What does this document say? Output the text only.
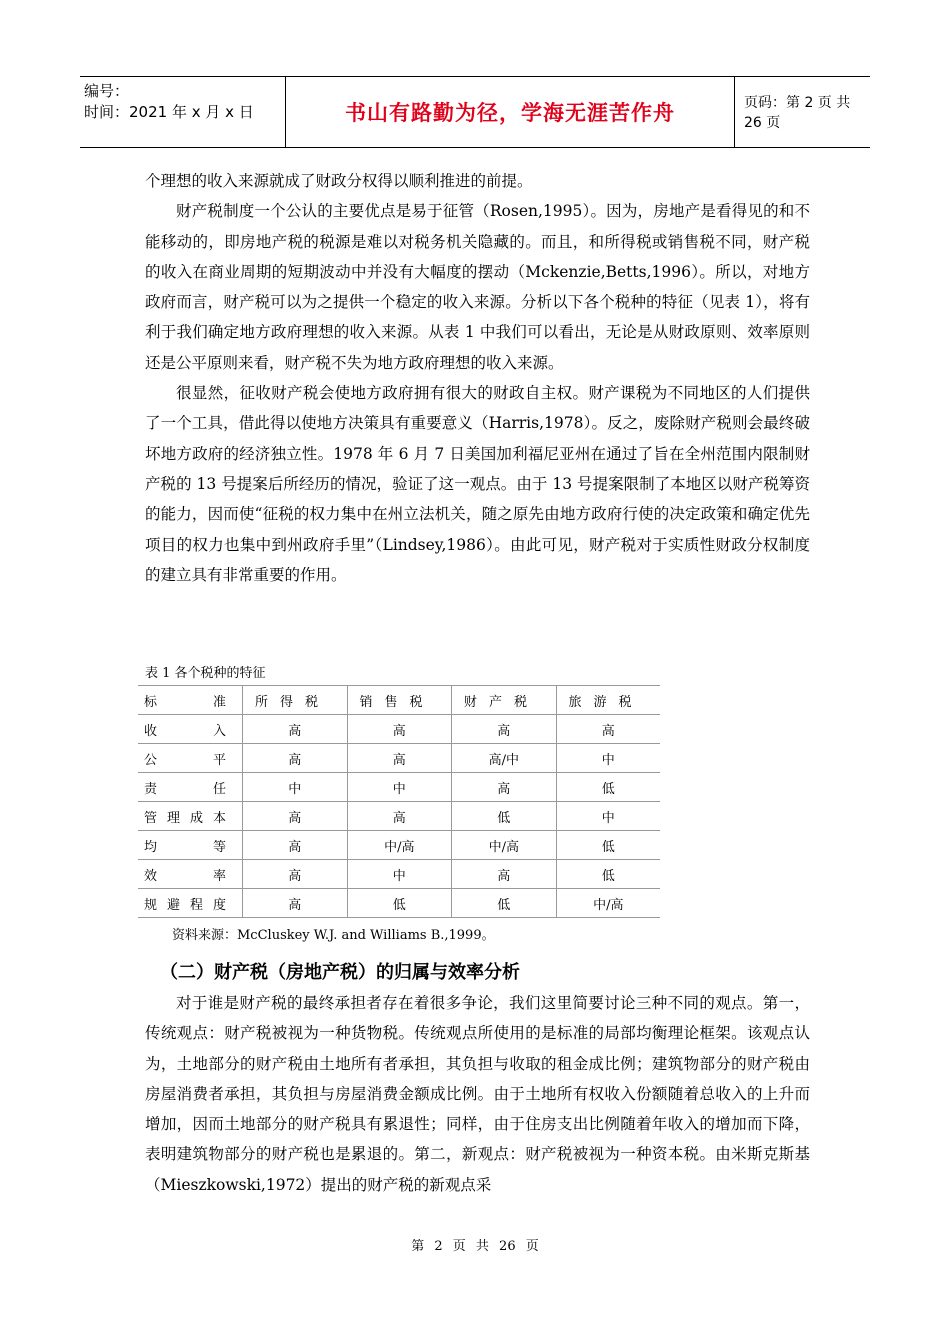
编号：
时间：2021 年 x 月 x 日	书山有路勤为径，学海无涯苦作舟	页码：第 2 页 共 26 页

个理想的收入来源就成了财政分权得以顺利推进的前提。

财产税制度一个公认的主要优点是易于征管（Rosen,1995）。因为，房地产是看得见的和不能移动的，即房地产税的税源是难以对税务机关隐藏的。而且，和所得税或销售税不同，财产税的收入在商业周期的短期波动中并没有大幅度的摆动（Mckenzie,Betts,1996）。所以，对地方政府而言，财产税可以为之提供一个稳定的收入来源。分析以下各个税种的特征（见表 1），将有利于我们确定地方政府理想的收入来源。从表 1 中我们可以看出，无论是从财政原则、效率原则还是公平原则来看，财产税不失为地方政府理想的收入来源。

很显然，征收财产税会使地方政府拥有很大的财政自主权。财产课税为不同地区的人们提供了一个工具，借此得以使地方决策具有重要意义（Harris,1978）。反之，废除财产税则会最终破坏地方政府的经济独立性。1978 年 6 月 7 日美国加利福尼亚州在通过了旨在全州范围内限制财产税的 13 号提案后所经历的情况，验证了这一观点。由于 13 号提案限制了本地区以财产税筹资的能力，因而使“征税的权力集中在州立法机关，随之原先由地方政府行使的决定政策和确定优先项目的权力也集中到州政府手里”（Lindsey,1986）。由此可见，财产税对于实质性财政分权制度的建立具有非常重要的作用。

表 1 各个税种的特征
标准	所得税	销售税	财产税	旅游税
收入	高	高	高	高
公平	高	高	高/中	中
责任	中	中	高	低
管理成本	高	高	低	中
均等	高	中/高	中/高	低
效率	高	中	高	低
规避程度	高	低	低	中/高
资料来源：McCluskey W.J. and Williams B.,1999。
（二）财产税（房地产税）的归属与效率分析

对于谁是财产税的最终承担者存在着很多争论，我们这里简要讨论三种不同的观点。第一，传统观点：财产税被视为一种货物税。传统观点所使用的是标准的局部均衡理论框架。该观点认为，土地部分的财产税由土地所有者承担，其负担与收取的租金成比例；建筑物部分的财产税由房屋消费者承担，其负担与房屋消费金额成比例。由于土地所有权收入份额随着总收入的上升而增加，因而土地部分的财产税具有累退性；同样，由于住房支出比例随着年收入的增加而下降，表明建筑物部分的财产税也是累退的。第二，新观点：财产税被视为一种资本税。由米斯克斯基（Mieszkowski,1972）提出的财产税的新观点采

第 2 页 共 26 页
